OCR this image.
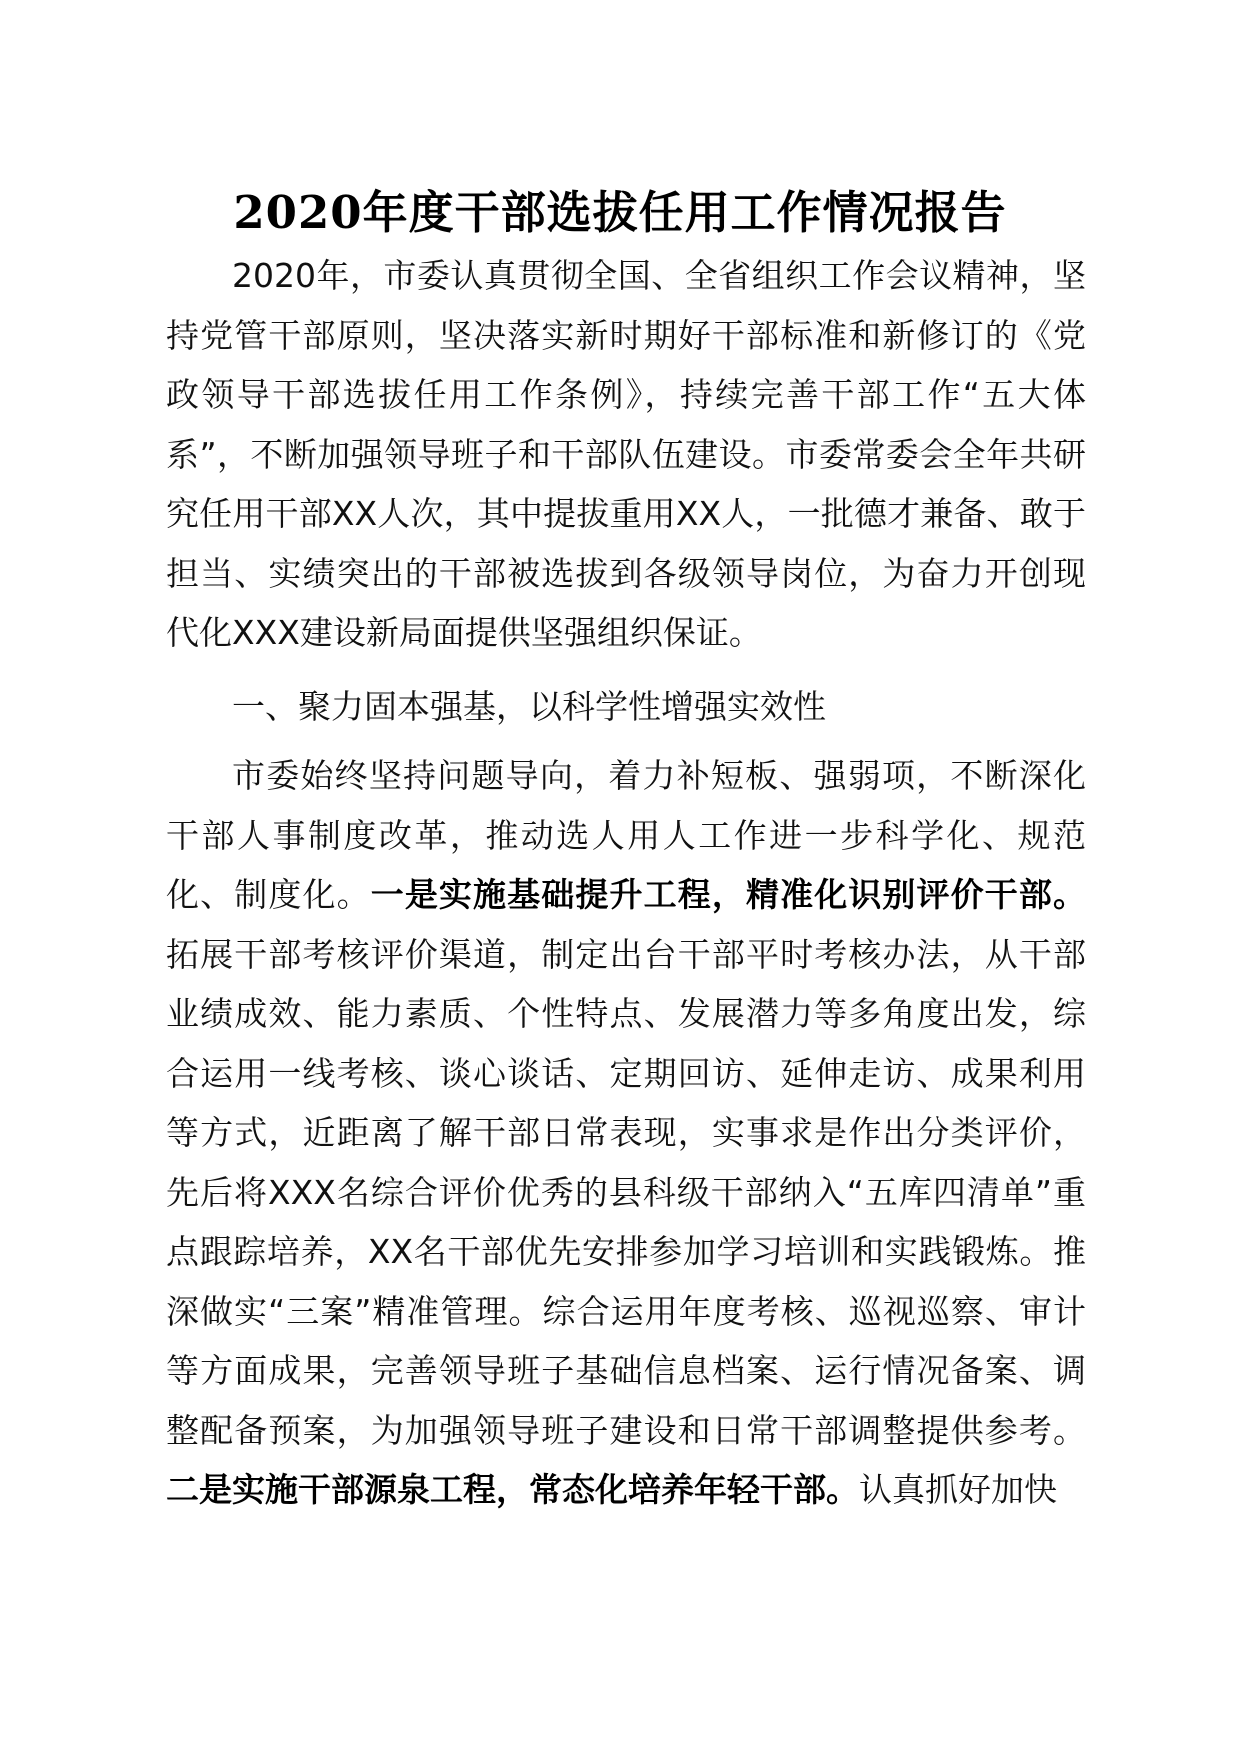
2020年度干部选拔任用工作情况报告

2020年，市委认真贯彻全国、全省组织工作会议精神，坚持党管干部原则，坚决落实新时期好干部标准和新修订的《党政领导干部选拔任用工作条例》，持续完善干部工作“五大体系”，不断加强领导班子和干部队伍建设。市委常委会全年共研究任用干部XX人次，其中提拔重用XX人，一批德才兼备、敢于担当、实绩突出的干部被选拔到各级领导岗位，为奋力开创现代化XXX建设新局面提供坚强组织保证。

一、聚力固本强基，以科学性增强实效性

市委始终坚持问题导向，着力补短板、强弱项，不断深化干部人事制度改革，推动选人用人工作进一步科学化、规范化、制度化。一是实施基础提升工程，精准化识别评价干部。拓展干部考核评价渠道，制定出台干部平时考核办法，从干部业绩成效、能力素质、个性特点、发展潜力等多角度出发，综合运用一线考核、谈心谈话、定期回访、延伸走访、成果利用等方式，近距离了解干部日常表现，实事求是作出分类评价，先后将XXX名综合评价优秀的县科级干部纳入“五库四清单”重点跟踪培养，XX名干部优先安排参加学习培训和实践锻炼。推深做实“三案”精准管理。综合运用年度考核、巡视巡察、审计等方面成果，完善领导班子基础信息档案、运行情况备案、调整配备预案，为加强领导班子建设和日常干部调整提供参考。二是实施干部源泉工程，常态化培养年轻干部。认真抓好加快
